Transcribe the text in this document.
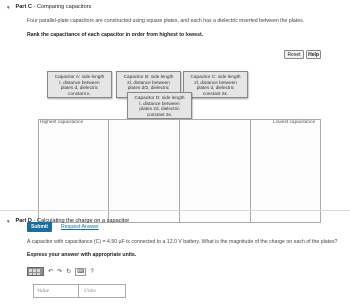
▼ Part C - Comparing capacitors
Four parallel-plate capacitors are constructed using square plates, and each has a dielectric inserted between the plates.
Rank the capacitance of each capacitor in order from highest to lowest.
Reset	Help
Capacitor A: side length
l, distance between
plates d, dielectric
constant κ.
Capacitor B: side length
2l, distance between
plates d/2, dielectric
Capacitor C: side length
2l, distance between
plates d, dielectric
constant 2κ.
Capacitor D: side length
l, distance between
plates 2d, dielectric
constant 2κ.
Highest capacitance	Lowest capacitance
Submit	Request Answer
▼ Part D - Calculating the charge on a capacitor
A capacitor with capacitance (C) = 4.50 μF is connected to a 12.0 V battery. What is the magnitude of the charge on each of the plates?
Express your answer with appropriate units.
↶ ↷ ↻	⌨	?
Value	Units
